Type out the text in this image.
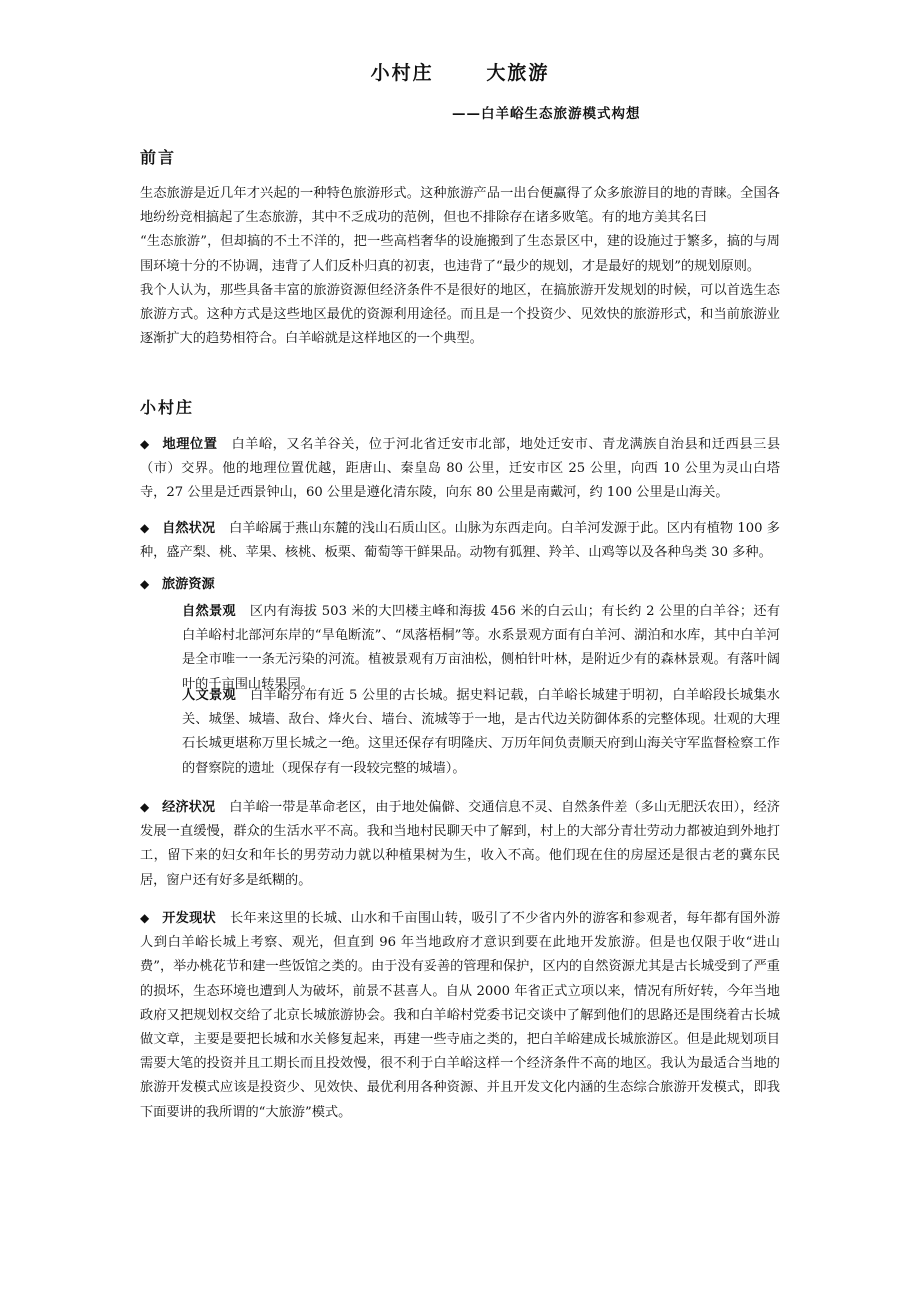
小村庄	大旅游
——白羊峪生态旅游模式构想
前言

生态旅游是近几年才兴起的一种特色旅游形式。这种旅游产品一出台便赢得了众多旅游目的地的青睐。全国各地纷纷竞相搞起了生态旅游，其中不乏成功的范例，但也不排除存在诸多败笔。有的地方美其名曰

“生态旅游”，但却搞的不土不洋的，把一些高档奢华的设施搬到了生态景区中，建的设施过于繁多，搞的与周围环境十分的不协调，违背了人们反朴归真的初衷，也违背了“最少的规划，才是最好的规划”的规划原则。

我个人认为，那些具备丰富的旅游资源但经济条件不是很好的地区，在搞旅游开发规划的时候，可以首选生态旅游方式。这种方式是这些地区最优的资源利用途径。而且是一个投资少、见效快的旅游形式，和当前旅游业逐渐扩大的趋势相符合。白羊峪就是这样地区的一个典型。

小村庄
◆ 地理位置 白羊峪，又名羊谷关，位于河北省迁安市北部，地处迁安市、青龙满族自治县和迁西县三县（市）交界。他的地理位置优越，距唐山、秦皇岛 80 公里，迁安市区 25 公里，向西 10 公里为灵山白塔寺，27 公里是迁西景钟山，60 公里是遵化清东陵，向东 80 公里是南戴河，约 100 公里是山海关。
◆ 自然状况 白羊峪属于燕山东麓的浅山石质山区。山脉为东西走向。白羊河发源于此。区内有植物 100 多种，盛产梨、桃、苹果、核桃、板栗、葡萄等干鲜果品。动物有狐狸、羚羊、山鸡等以及各种鸟类 30 多种。
◆ 旅游资源
自然景观 区内有海拔 503 米的大凹楼主峰和海拔 456 米的白云山；有长约 2 公里的白羊谷；还有白羊峪村北部河东岸的“旱龟断流”、“凤落梧桐”等。水系景观方面有白羊河、湖泊和水库，其中白羊河是全市唯一一条无污染的河流。植被景观有万亩油松，侧柏针叶林，是附近少有的森林景观。有落叶阔叶的千亩围山转果园。
人文景观 白羊峪分布有近 5 公里的古长城。据史料记载，白羊峪长城建于明初，白羊峪段长城集水关、城堡、城墙、敌台、烽火台、墙台、流城等于一地，是古代边关防御体系的完整体现。壮观的大理石长城更堪称万里长城之一绝。这里还保存有明隆庆、万历年间负责顺天府到山海关守军监督检察工作的督察院的遗址（现保存有一段较完整的城墙）。
◆ 经济状况 白羊峪一带是革命老区，由于地处偏僻、交通信息不灵、自然条件差（多山无肥沃农田），经济发展一直缓慢，群众的生活水平不高。我和当地村民聊天中了解到，村上的大部分青壮劳动力都被迫到外地打工，留下来的妇女和年长的男劳动力就以种植果树为生，收入不高。他们现在住的房屋还是很古老的冀东民居，窗户还有好多是纸糊的。
◆ 开发现状 长年来这里的长城、山水和千亩围山转，吸引了不少省内外的游客和参观者，每年都有国外游人到白羊峪长城上考察、观光，但直到 96 年当地政府才意识到要在此地开发旅游。但是也仅限于收“进山费”，举办桃花节和建一些饭馆之类的。由于没有妥善的管理和保护，区内的自然资源尤其是古长城受到了严重的损坏，生态环境也遭到人为破坏，前景不甚喜人。自从 2000 年省正式立项以来，情况有所好转，今年当地政府又把规划权交给了北京长城旅游协会。我和白羊峪村党委书记交谈中了解到他们的思路还是围绕着古长城做文章，主要是要把长城和水关修复起来，再建一些寺庙之类的，把白羊峪建成长城旅游区。但是此规划项目需要大笔的投资并且工期长而且投效慢，很不利于白羊峪这样一个经济条件不高的地区。我认为最适合当地的旅游开发模式应该是投资少、见效快、最优利用各种资源、并且开发文化内涵的生态综合旅游开发模式，即我下面要讲的我所谓的“大旅游”模式。
